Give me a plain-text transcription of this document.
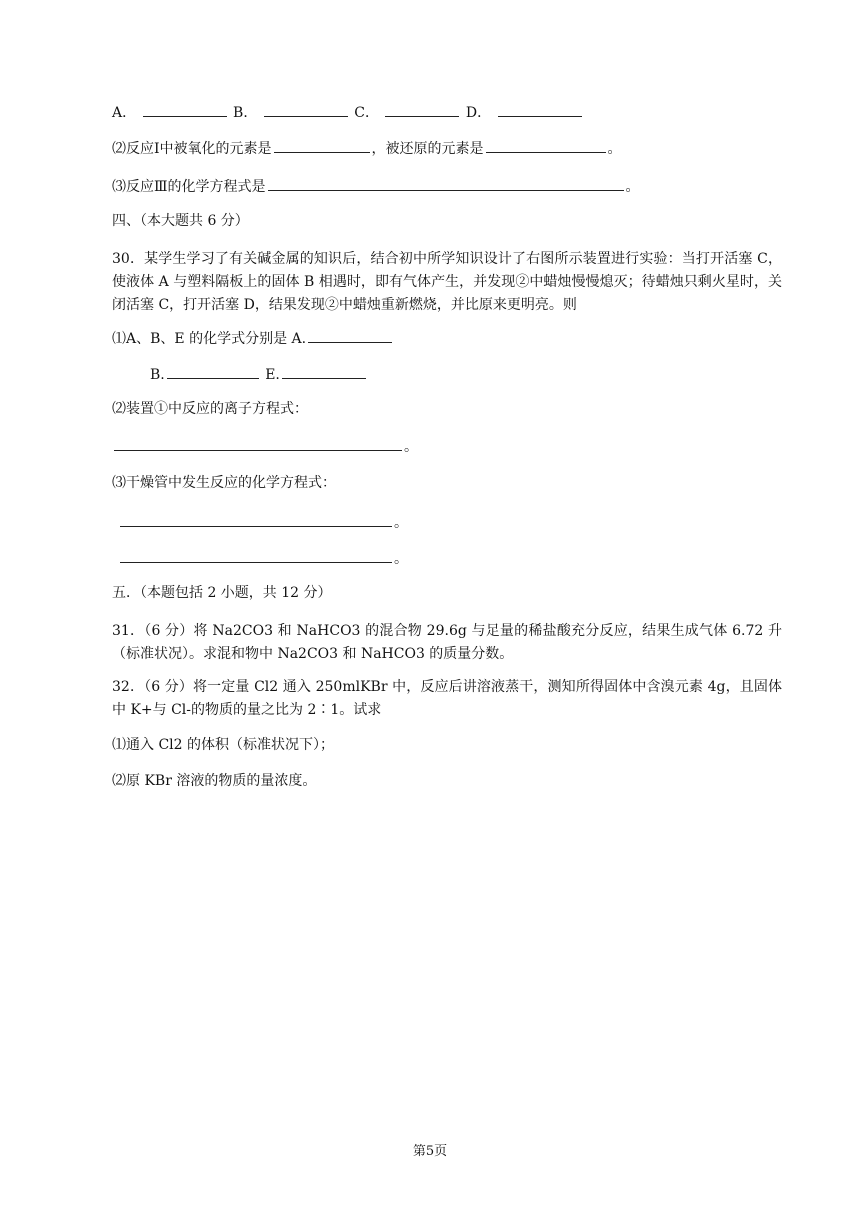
A．	B．	C．	D．
⑵反应Ⅰ中被氧化的元素是	，被还原的元素是	。
⑶反应Ⅲ的化学方程式是	。
四、（本大题共 6 分）
30．某学生学习了有关碱金属的知识后，结合初中所学知识设计了右图所示装置进行实验：当打开活塞 C，使液体 A 与塑料隔板上的固体 B 相遇时，即有气体产生，并发现②中蜡烛慢慢熄灭；待蜡烛只剩火星时，关闭活塞 C，打开活塞 D，结果发现②中蜡烛重新燃烧，并比原来更明亮。则
⑴A、B、E 的化学式分别是 A.
B.	E.
⑵装置①中反应的离子方程式：
。
⑶干燥管中发生反应的化学方程式：
。
。
五．（本题包括 2 小题，共 12 分）
31．（6 分）将 Na2CO3 和 NaHCO3 的混合物 29.6g 与足量的稀盐酸充分反应，结果生成气体 6.72 升（标准状况）。求混和物中 Na2CO3 和 NaHCO3 的质量分数。
32．（6 分）将一定量 Cl2 通入 250mlKBr 中，反应后讲溶液蒸干，测知所得固体中含溴元素 4g，且固体中 K+与 Cl-的物质的量之比为 2∶1。试求
⑴通入 Cl2 的体积（标准状况下）；
⑵原 KBr 溶液的物质的量浓度。
第5页
